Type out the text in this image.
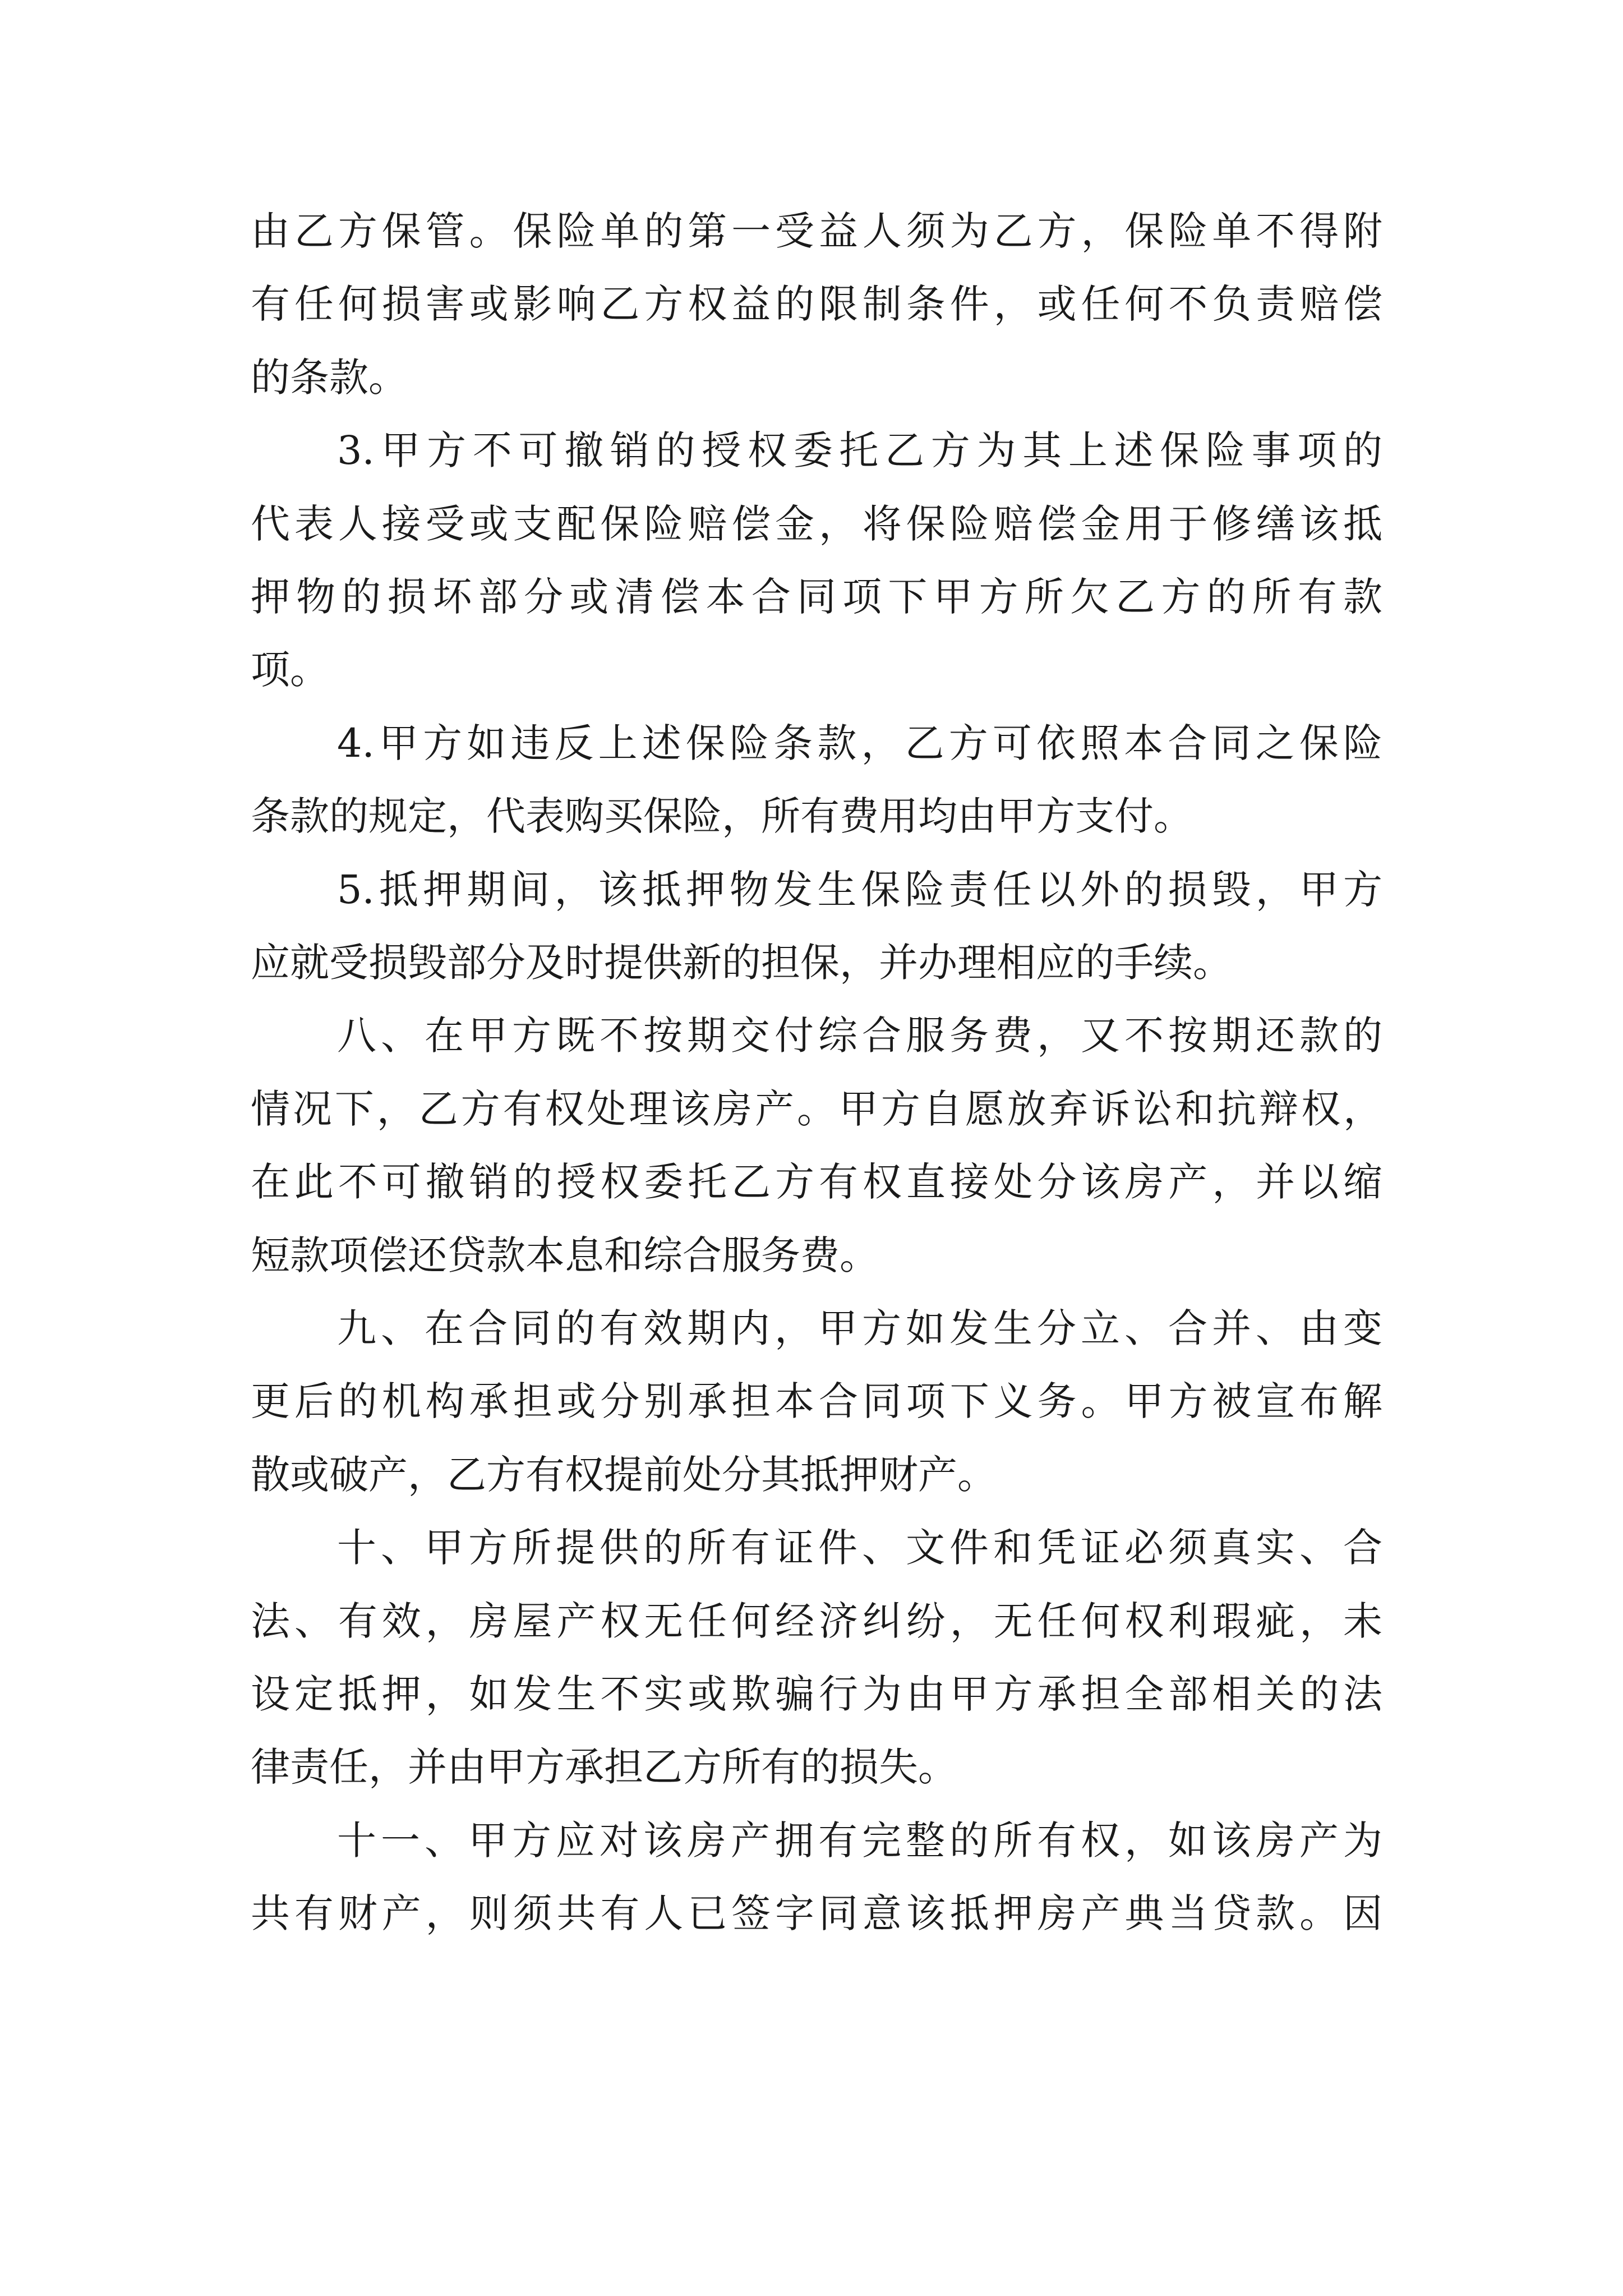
由乙方保管。保险单的第一受益人须为乙方，保险单不得附
有任何损害或影响乙方权益的限制条件，或任何不负责赔偿
的条款。
3.甲方不可撤销的授权委托乙方为其上述保险事项的
代表人接受或支配保险赔偿金，将保险赔偿金用于修缮该抵
押物的损坏部分或清偿本合同项下甲方所欠乙方的所有款
项。
4.甲方如违反上述保险条款，乙方可依照本合同之保险
条款的规定，代表购买保险，所有费用均由甲方支付。
5.抵押期间，该抵押物发生保险责任以外的损毁，甲方
应就受损毁部分及时提供新的担保，并办理相应的手续。
八、在甲方既不按期交付综合服务费，又不按期还款的
情况下，乙方有权处理该房产。甲方自愿放弃诉讼和抗辩权，
在此不可撤销的授权委托乙方有权直接处分该房产，并以缩
短款项偿还贷款本息和综合服务费。
九、在合同的有效期内，甲方如发生分立、合并、由变
更后的机构承担或分别承担本合同项下义务。甲方被宣布解
散或破产，乙方有权提前处分其抵押财产。
十、甲方所提供的所有证件、文件和凭证必须真实、合
法、有效，房屋产权无任何经济纠纷，无任何权利瑕疵，未
设定抵押，如发生不实或欺骗行为由甲方承担全部相关的法
律责任，并由甲方承担乙方所有的损失。
十一、甲方应对该房产拥有完整的所有权，如该房产为
共有财产，则须共有人已签字同意该抵押房产典当贷款。因
